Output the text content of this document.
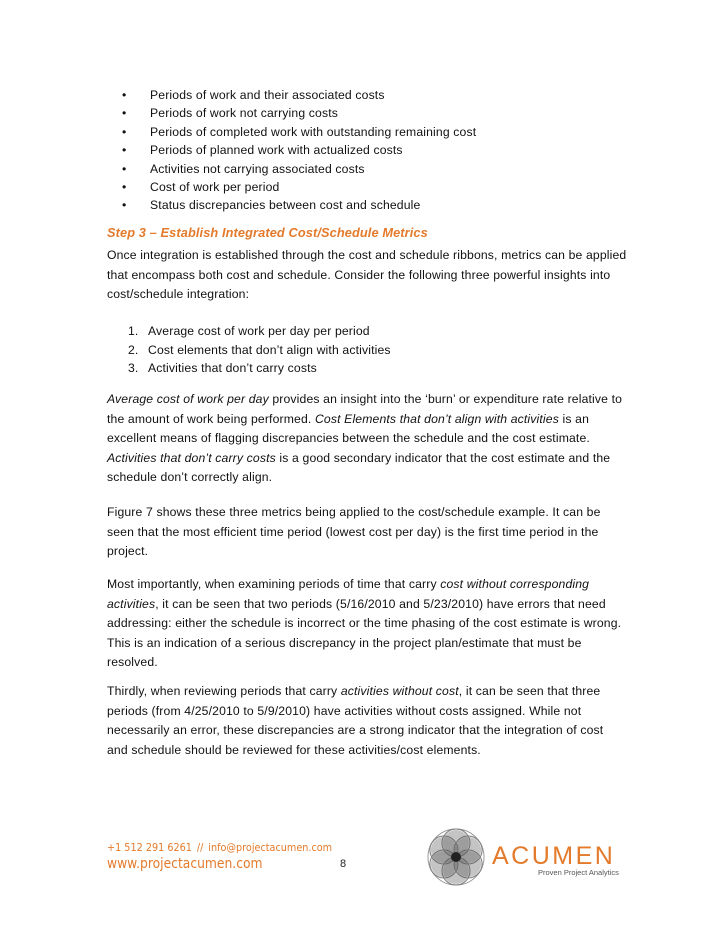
• Periods of work and their associated costs
• Periods of work not carrying costs
• Periods of completed work with outstanding remaining cost
• Periods of planned work with actualized costs
• Activities not carrying associated costs
• Cost of work per period
• Status discrepancies between cost and schedule
Step 3 – Establish Integrated Cost/Schedule Metrics

Once integration is established through the cost and schedule ribbons, metrics can be applied that encompass both cost and schedule. Consider the following three powerful insights into cost/schedule integration:

1. Average cost of work per day per period
2. Cost elements that don’t align with activities
3. Activities that don’t carry costs

Average cost of work per day provides an insight into the ‘burn’ or expenditure rate relative to the amount of work being performed. Cost Elements that don’t align with activities is an excellent means of flagging discrepancies between the schedule and the cost estimate. Activities that don’t carry costs is a good secondary indicator that the cost estimate and the schedule don’t correctly align.

Figure 7 shows these three metrics being applied to the cost/schedule example. It can be seen that the most efficient time period (lowest cost per day) is the first time period in the project.

Most importantly, when examining periods of time that carry cost without corresponding activities, it can be seen that two periods (5/16/2010 and 5/23/2010) have errors that need addressing: either the schedule is incorrect or the time phasing of the cost estimate is wrong. This is an indication of a serious discrepancy in the project plan/estimate that must be resolved.

Thirdly, when reviewing periods that carry activities without cost, it can be seen that three periods (from 4/25/2010 to 5/9/2010) have activities without costs assigned. While not necessarily an error, these discrepancies are a strong indicator that the integration of cost and schedule should be reviewed for these activities/cost elements.

+1 512 291 6261 // info@projectacumen.com
www.projectacumen.com	8	ACUMEN
Proven Project Analytics
